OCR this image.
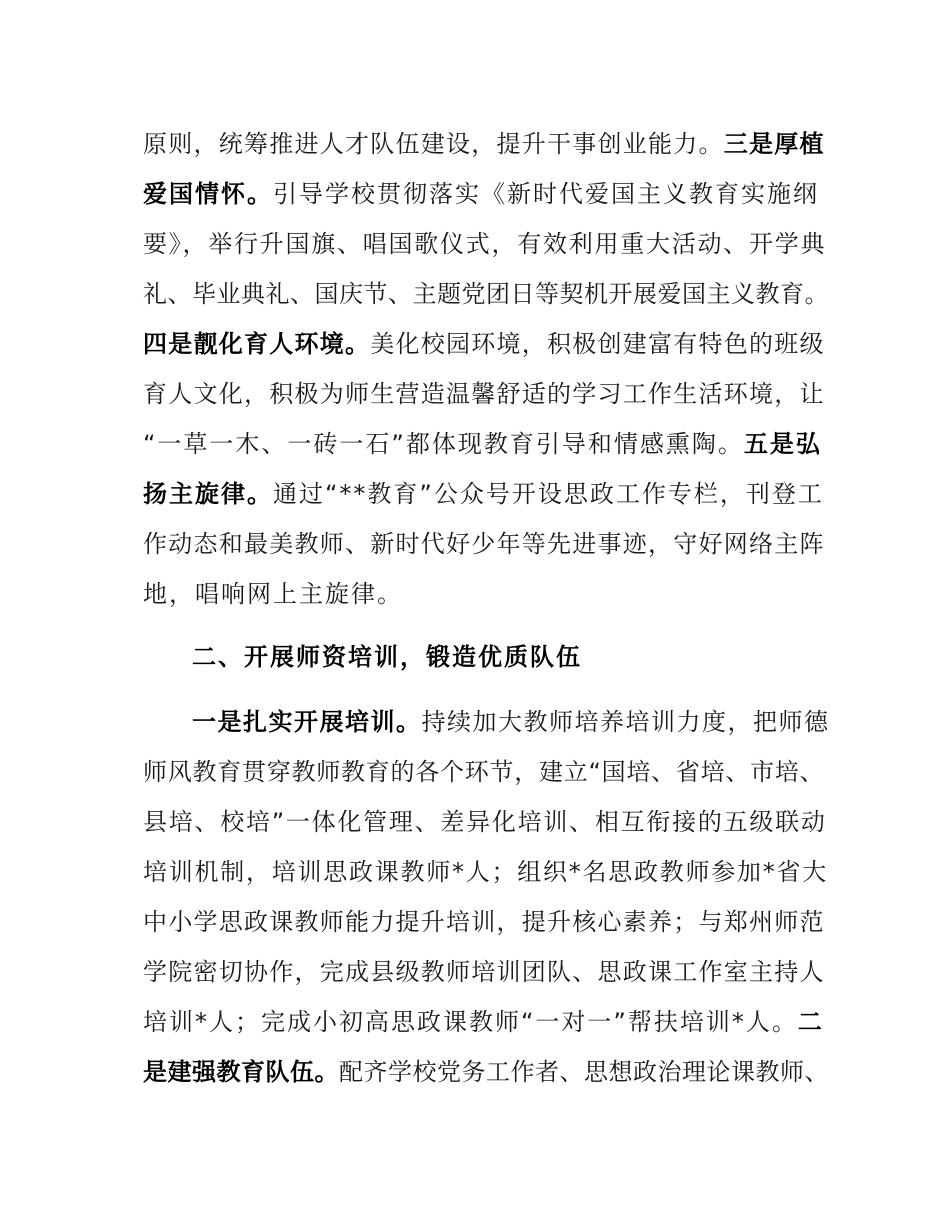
原则，统筹推进人才队伍建设，提升干事创业能力。三是厚植
爱国情怀。引导学校贯彻落实《新时代爱国主义教育实施纲
要》，举行升国旗、唱国歌仪式，有效利用重大活动、开学典
礼、毕业典礼、国庆节、主题党团日等契机开展爱国主义教育。
四是靓化育人环境。美化校园环境，积极创建富有特色的班级
育人文化，积极为师生营造温馨舒适的学习工作生活环境，让
“一草一木、一砖一石”都体现教育引导和情感熏陶。五是弘
扬主旋律。通过“**教育”公众号开设思政工作专栏，刊登工
作动态和最美教师、新时代好少年等先进事迹，守好网络主阵
地，唱响网上主旋律。
二、开展师资培训，锻造优质队伍
一是扎实开展培训。持续加大教师培养培训力度，把师德
师风教育贯穿教师教育的各个环节，建立“国培、省培、市培、
县培、校培”一体化管理、差异化培训、相互衔接的五级联动
培训机制，培训思政课教师*人；组织*名思政教师参加*省大
中小学思政课教师能力提升培训，提升核心素养；与郑州师范
学院密切协作，完成县级教师培训团队、思政课工作室主持人
培训*人；完成小初高思政课教师“一对一”帮扶培训*人。二
是建强教育队伍。配齐学校党务工作者、思想政治理论课教师、
